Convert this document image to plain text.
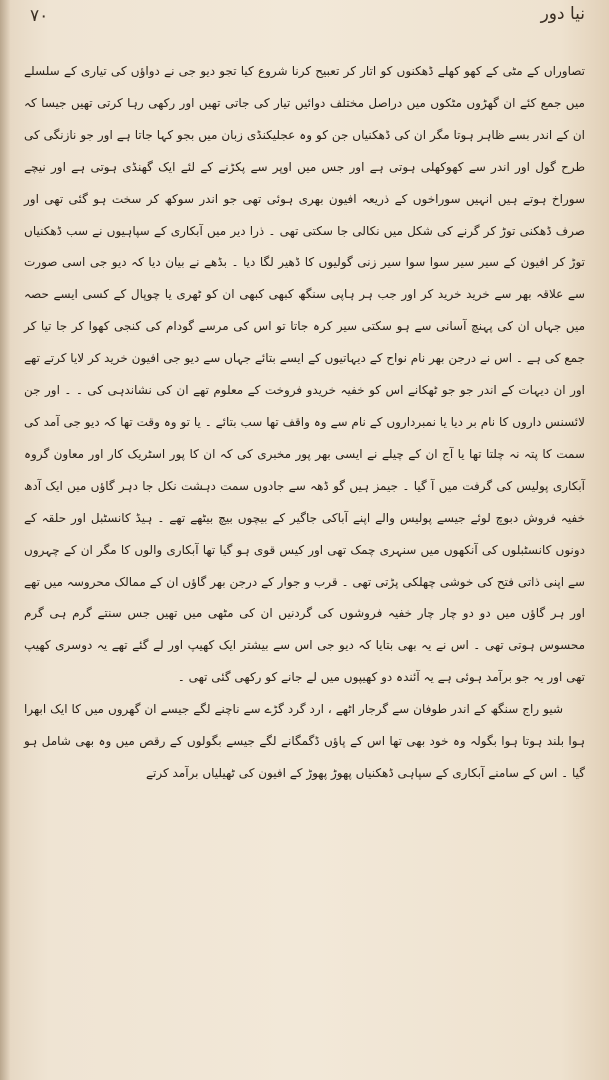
۷۰	نیا دور

تصاوراں کے مٹی کے کھو کھلے ڈھکنوں کو اتار کر تعبیح کرنا شروع کیا تجو دیو جی نے دواؤں کی تیاری کے سلسلے میں جمع کئے ان گھڑوں مٹکوں میں دراصل مختلف دوائیں تیار کی جاتی تھیں اور رکھی رہا کرتی تھیں جیسا کہ ان کے اندر بسے ظاہر ہوتا مگر ان کی ڈھکنیاں جن کو وہ عجلیکنڈی زبان میں بجو کہا جاتا ہے اور جو نازنگی کی طرح گول اور اندر سے کھوکھلی ہوتی ہے اور جس میں اوپر سے پکڑنے کے لئے ایک گھنڈی ہوتی ہے اور نیچے سوراخ ہوتے ہیں انہیں سوراخوں کے ذریعہ افیون بھری ہوئی تھی جو اندر سوکھ کر سخت ہو گئی تھی اور صرف ڈھکنی توڑ کر گرنے کی شکل میں نکالی جا سکتی تھی ۔ ذرا دیر میں آبکاری کے سپاہیوں نے سب ڈھکنیاں توڑ کر افیون کے سیر سیر سوا سوا سیر زنی گولیوں کا ڈھیر لگا دیا ۔ بڈھے نے بیان دیا کہ دیو جی اسی صورت سے علاقہ بھر سے خرید خرید کر اور جب ہر ہاپی سنگھ کبھی کبھی ان کو ٹھری یا چوپال کے کسی ایسے حصہ میں جہاں ان کی پہنچ آسانی سے ہو سکتی سیر کرہ جاتا تو اس کی مرسے گودام کی کنجی کھوا کر جا تیا کر جمع کی ہے ۔ اس نے درجن بھر نام نواح کے دیہاتیوں کے ایسے بتائے جہاں سے دیو جی افیون خرید کر لایا کرتے تھے اور ان دیہات کے اندر جو جو ٹھکانے اس کو خفیہ خریدو فروخت کے معلوم تھے ان کی نشاندہی کی ۔ ۔ اور جن لائسنس داروں کا نام بر دیا یا نمبرداروں کے نام سے وہ واقف تھا سب بتائے ۔ یا تو وہ وقت تھا کہ دیو جی آمد کی سمت کا پتہ نہ چلتا تھا یا آج ان کے چیلے نے ایسی بھر پور مخبری کی کہ ان کا پور اسٹریک کار اور معاون گروہ آبکاری پولیس کی گرفت میں آ گیا ۔ جیمز ہیں گو ڈھہ سے جادوں سمت دہشت نکل جا دہر گاؤں میں ایک آدھ خفیہ فروش دبوچ لوئے جیسے پولیس والے اپنے آباکی جاگیر کے بیچوں بیچ بیٹھے تھے ۔ ہیڈ کانسٹبل اور حلقہ کے دونوں کانسٹبلوں کی آنکھوں میں سنہری چمک تھی اور کیس قوی ہو گیا تھا آبکاری والوں کا مگر ان کے چہروں سے اپنی ذاتی فتح کی خوشی چھلکی پڑتی تھی ۔ قرب و جوار کے درجن بھر گاؤں ان کے ممالک محروسہ میں تھے اور ہر گاؤں میں دو دو چار چار خفیہ فروشوں کی گردنیں ان کی مٹھی میں تھیں جس سنتے گرم ہی گرم محسوس ہوتی تھی ۔ اس نے یہ بھی بتایا کہ دیو جی اس سے بیشتر ایک کھیپ اور لے گئے تھے یہ دوسری کھیپ تھی اور یہ جو برآمد ہوئی ہے یہ آئندہ دو کھیپوں میں لے جانے کو رکھی گئی تھی ۔

شیو راج سنگھ کے اندر طوفان سے گرجار اٹھے ، ارد گرد گڑے سے ناچنے لگے جیسے ان گھروں میں کا ایک ابھرا ہوا بلند ہوتا ہوا بگولہ وہ خود بھی تھا اس کے پاؤں ڈگمگانے لگے جیسے بگولوں کے رقص میں وہ بھی شامل ہو گیا ۔ اس کے سامنے آبکاری کے سپاہی ڈھکنیاں پھوڑ پھوڑ کے افیون کی ٹھیلیاں برآمد کرتے
